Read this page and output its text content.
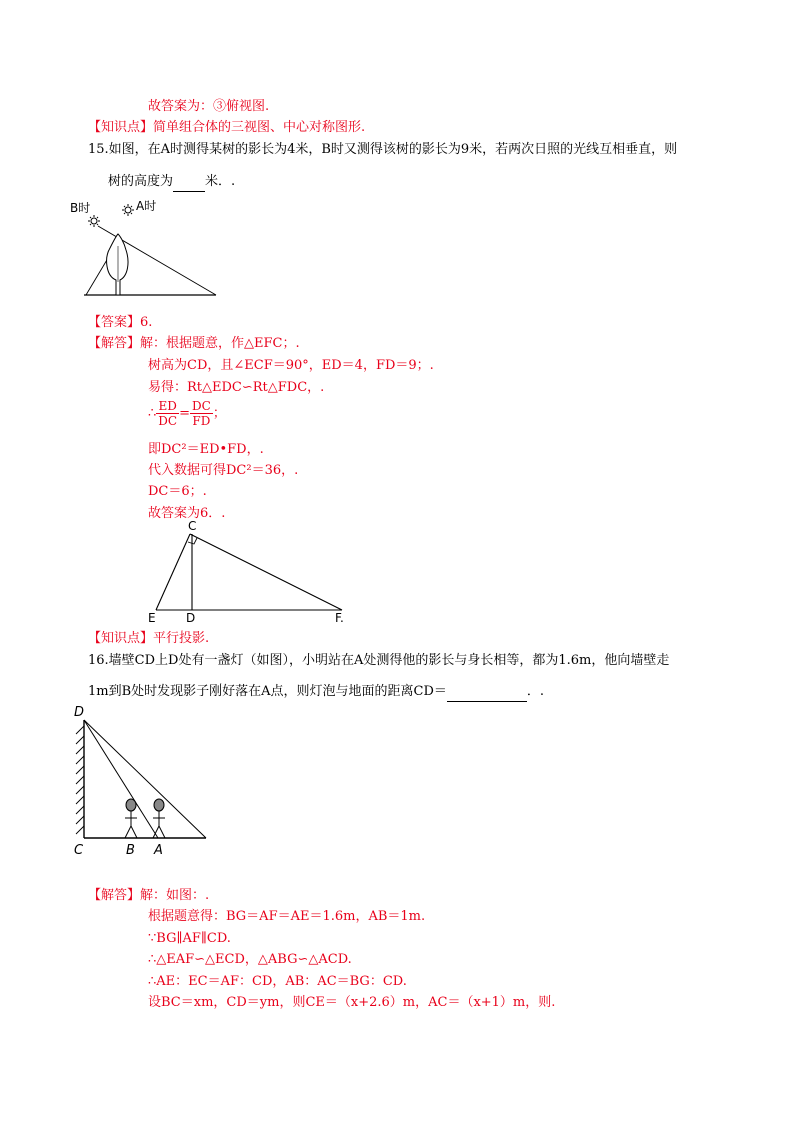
故答案为：③俯视图.
【知识点】简单组合体的三视图、中心对称图形.
15.如图，在A时测得某树的影长为4米，B时又测得该树的影长为9米，若两次日照的光线互相垂直，则
树的高度为 米．.
B时	A时
【答案】6.
【解答】解：根据题意，作△EFC；.
树高为CD，且∠ECF＝90°，ED＝4，FD＝9；.
易得：Rt△EDC∽Rt△FDC，.
∴ $\frac{ED}{DC} = \frac{DC}{FD}$ ；
即DC²＝ED•FD，.
代入数据可得DC²＝36，.
DC＝6；.
故答案为6．.
C
E	D	F.
【知识点】平行投影.
16.墙壁CD上D处有一盏灯（如图），小明站在A处测得他的影长与身长相等，都为1.6m，他向墙壁走
1m到B处时发现影子刚好落在A点，则灯泡与地面的距离CD＝	．.
D
C	B A
【解答】解：如图：.
根据题意得：BG＝AF＝AE＝1.6m，AB＝1m.
∵BG∥AF∥CD.
∴△EAF∽△ECD，△ABG∽△ACD.
∴AE：EC＝AF：CD，AB：AC＝BG：CD.
设BC＝xm，CD＝ym，则CE＝（x+2.6）m，AC＝（x+1）m，则.
